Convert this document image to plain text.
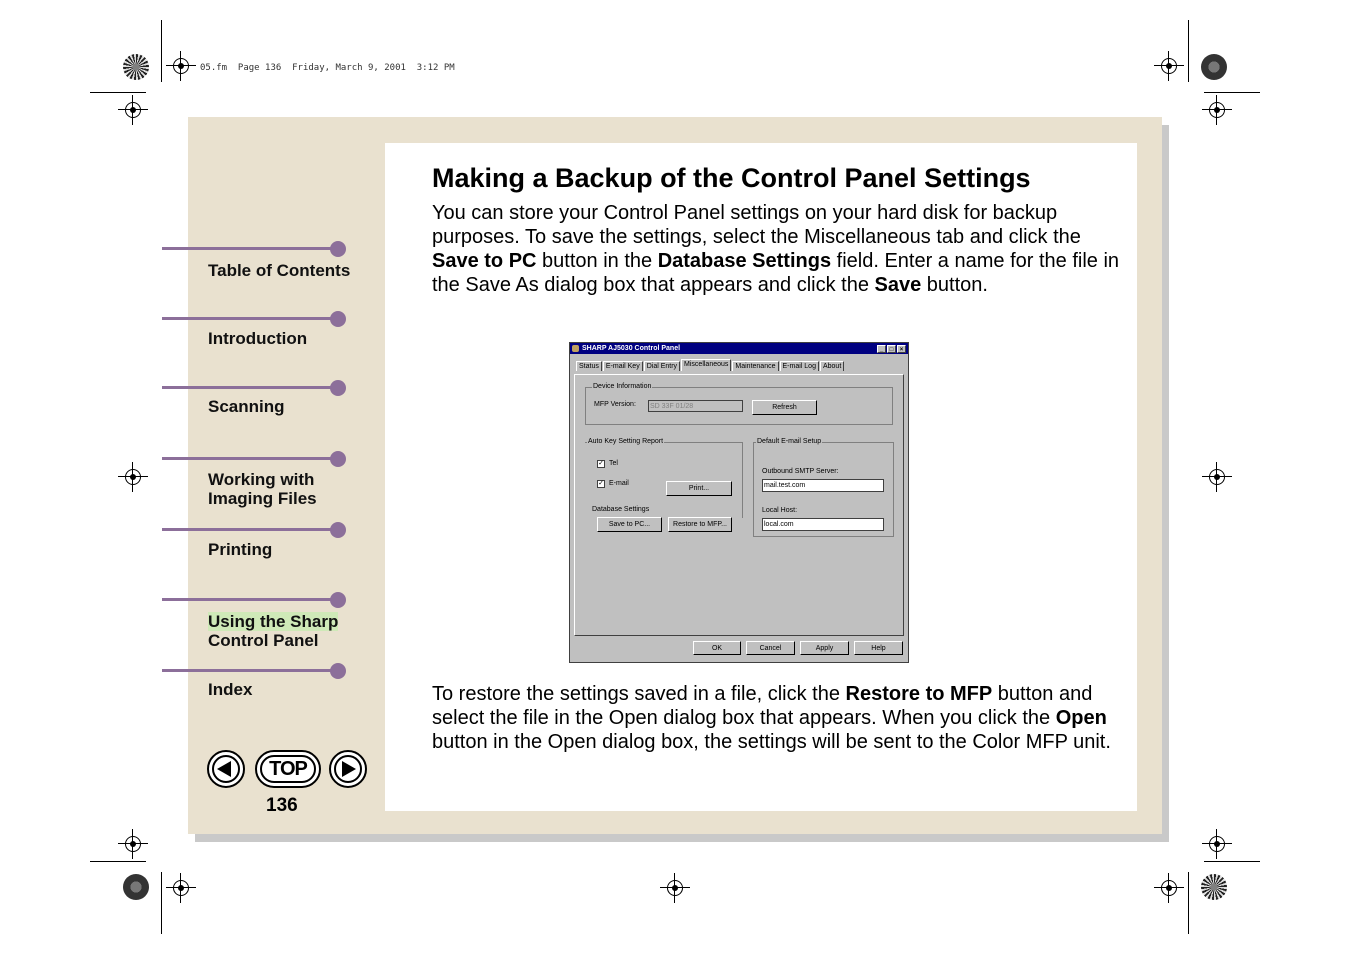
05.fm  Page 136  Friday, March 9, 2001  3:12 PM
Table of Contents
Introduction
Scanning
Working with
Imaging Files
Printing
Using the Sharp
Control Panel
Index
TOP
136
Making a Backup of the Control Panel Settings

You can store your Control Panel settings on your hard disk for backup purposes. To save the settings, select the Miscellaneous tab and click the Save to PC button in the Database Settings field. Enter a name for the file in the Save As dialog box that appears and click the Save button.

SHARP AJ5030 Control Panel	_ □ ×
Status E-mail Key Dial Entry Miscellaneous Maintenance E-mail Log About
Device Information
MFP Version: SD 33F 01/28	Refresh
Auto Key Setting Report
✓ Tel
✓ E-mail
Print...
Database Settings
Save to PC...	Restore to MFP...
Default E-mail Setup
Outbound SMTP Server:
mail.test.com
Local Host:
local.com
OK	Cancel	Apply	Help

To restore the settings saved in a file, click the Restore to MFP button and select the file in the Open dialog box that appears. When you click the Open button in the Open dialog box, the settings will be sent to the Color MFP unit.
